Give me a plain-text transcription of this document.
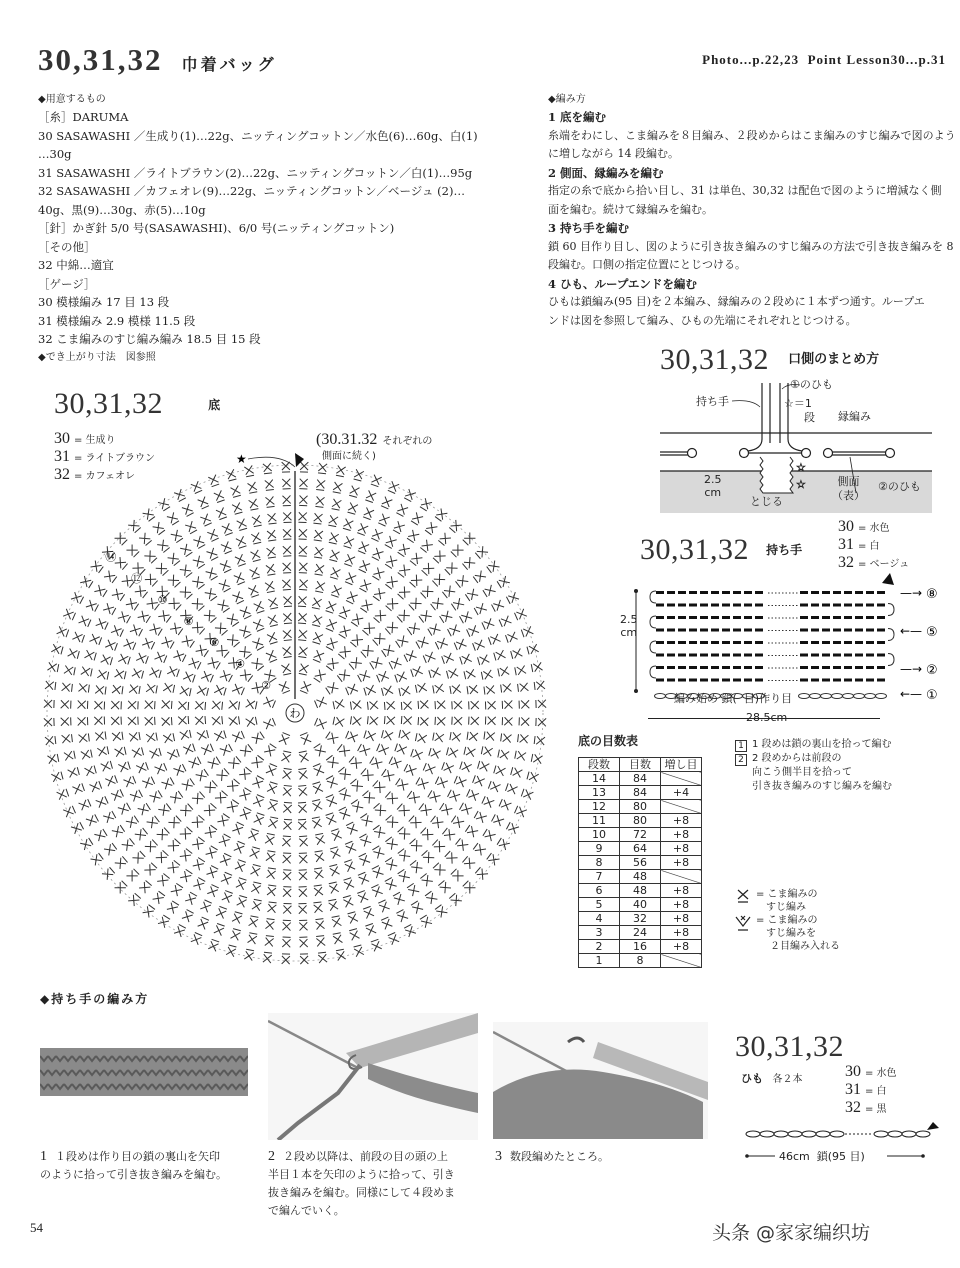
30,31,32 巾着バッグ	Photo...p.22,23  Point Lesson30...p.31
◆用意するもの
［糸］DARUMA
30 SASAWASHI ／生成り(1)…22g、ニッティングコットン／水色(6)…60g、白(1)
…30g
31 SASAWASHI ／ライトブラウン(2)…22g、ニッティングコットン／白(1)…95g
32 SASAWASHI ／カフェオレ(9)…22g、ニッティングコットン／ベージュ (2)…
40g、黒(9)…30g、赤(5)…10g
［針］かぎ針 5/0 号(SASAWASHI)、6/0 号(ニッティングコットン)
［その他］
32 中綿…適宜
［ゲージ］
30 模様編み 17 目 13 段
31 模様編み 2.9 模様 11.5 段
32 こま編みのすじ編み編み 18.5 目 15 段
◆でき上がり寸法　図参照
◆編み方
1 底を編む
糸端をわにし、こま編みを８目編み、２段めからはこま編みのすじ編みで図のよう
に増しながら 14 段編む。
2 側面、縁編みを編む
指定の糸で底から拾い目し、31 は単色、30,32 は配色で図のように増減なく側
面を編む。続けて縁編みを編む。
3 持ち手を編む
鎖 60 目作り目し、図のように引き抜き編みのすじ編みの方法で引き抜き編みを 8
段編む。口側の指定位置にとじつける。
4 ひも、ループエンドを編む
ひもは鎖編み(95 目)を２本編み、縁編みの２段めに１本ずつ通す。ループエ
ンドは図を参照して編み、ひもの先端にそれぞれとじつける。
30,31,32 $^{口側のまとめ方}$
☆
☆
①のひも
持ち手	☆＝1
段 縁編み
2.5
cm
とじる
側面
（表）
②のひも
30,31,32 $^{持ち手}$
30 = 水色
31 = 白
32 = ベージュ
—→ ⑧
←— ⑤
—→ ②
←— ①
2.5
cm
編み始め 鎖(  目)作り目
28.5cm
30,31,32	$^底$
30 = 生成り
31 = ライトブラウン
32 = カフェオレ
(30.31.32 それぞれの
側面に続く)
わ
⑭
⑫
⑩
⑧
⑥
④
②
★
底の目数表
段数	目数	増し目
14	84	
13	84	+4
12	80	
11	80	+8
10	72	+8
9	64	+8
8	56	+8
7	48	
6	48	+8
5	40	+8
4	32	+8
3	24	+8
2	16	+8
1	8	
1 1 段めは鎖の裏山を拾って編む
2 2 段めからは前段の
向こう側半目を拾って
引き抜き編みのすじ編みを編む
= こま編みの
すじ編み
= こま編みの
すじ編みを
２目編み入れる
◆持ち手の編み方
1 １段めは作り目の鎖の裏山を矢印
のように拾って引き抜き編みを編む。
2 ２段め以降は、前段の目の頭の上
半目１本を矢印のように拾って、引き
抜き編みを編む。同様にして４段めま
で編んでいく。
3 数段編めたところ。
30,31,32
ひも 各２本	30 = 水色
31 = 白
32 = 黒
46cm  鎖(95 目)
54	头条 @家家编织坊
